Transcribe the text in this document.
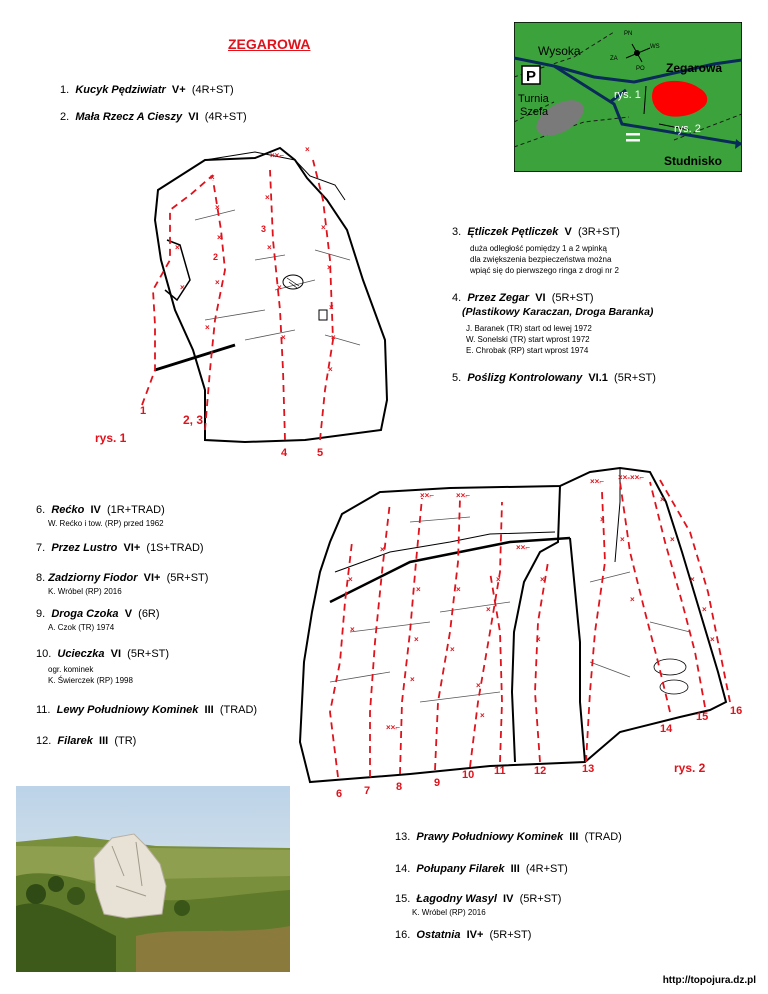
ZEGAROWA
P
PN
WS
PO
ZA
Wysoka
Turnia
Szefa
Zegarowa
rys. 1
rys. 2
Studnisko
1. Kucyk Pędziwiatr V+ (4R+ST)
2. Mała Rzecz A Cieszy VI (4R+ST)
×
×
×
×
×
×
×
×
×
×
×
×
×
×
×
×
××⌐
×
3
2
1
2, 3
4	5
rys. 1
3. Ętliczek Pętliczek V (3R+ST)
duża odległość pomiędzy 1 a 2 wpinką
dla zwiększenia bezpieczeństwa można
wpiąć się do pierwszego ringa z drogi nr 2
4. Przez Zegar VI (5R+ST)
(Plastikowy Karaczan, Droga Baranka)
J. Baranek (TR) start od lewej 1972
W. Sonelski (TR) start wprost 1972
E. Chrobak (RP) start wprost 1974
5. Poślizg Kontrolowany VI.1 (5R+ST)
6. Rećko IV (1R+TRAD)
W. Rećko i tow. (RP) przed 1962
7. Przez Lustro VI+ (1S+TRAD)
8. Zadziorny Fiodor VI+ (5R+ST)
K. Wróbel (RP) 2016
9. Droga Czoka V (6R)
A. Czok (TR) 1974
10. Ucieczka VI (5R+ST)
ogr. kominek
K. Świerczek (RP) 1998
11. Lewy Południowy Kominek III (TRAD)
12. Filarek III (TR)
××⌐	××⌐
××⌐
××⌐ ××-××⌐
××⌐
×
×
×	×
×
×
×
×
×
×
×
×
×
×
×
×
×
×
×
×
×
×
6 7 8	9
10 11	12	13
14
15 16
rys. 2
13. Prawy Południowy Kominek III (TRAD)
14. Połupany Filarek III (4R+ST)
15. Łagodny Wasyl IV (5R+ST)
K. Wróbel (RP) 2016
16. Ostatnia IV+ (5R+ST)
http://topojura.dz.pl
